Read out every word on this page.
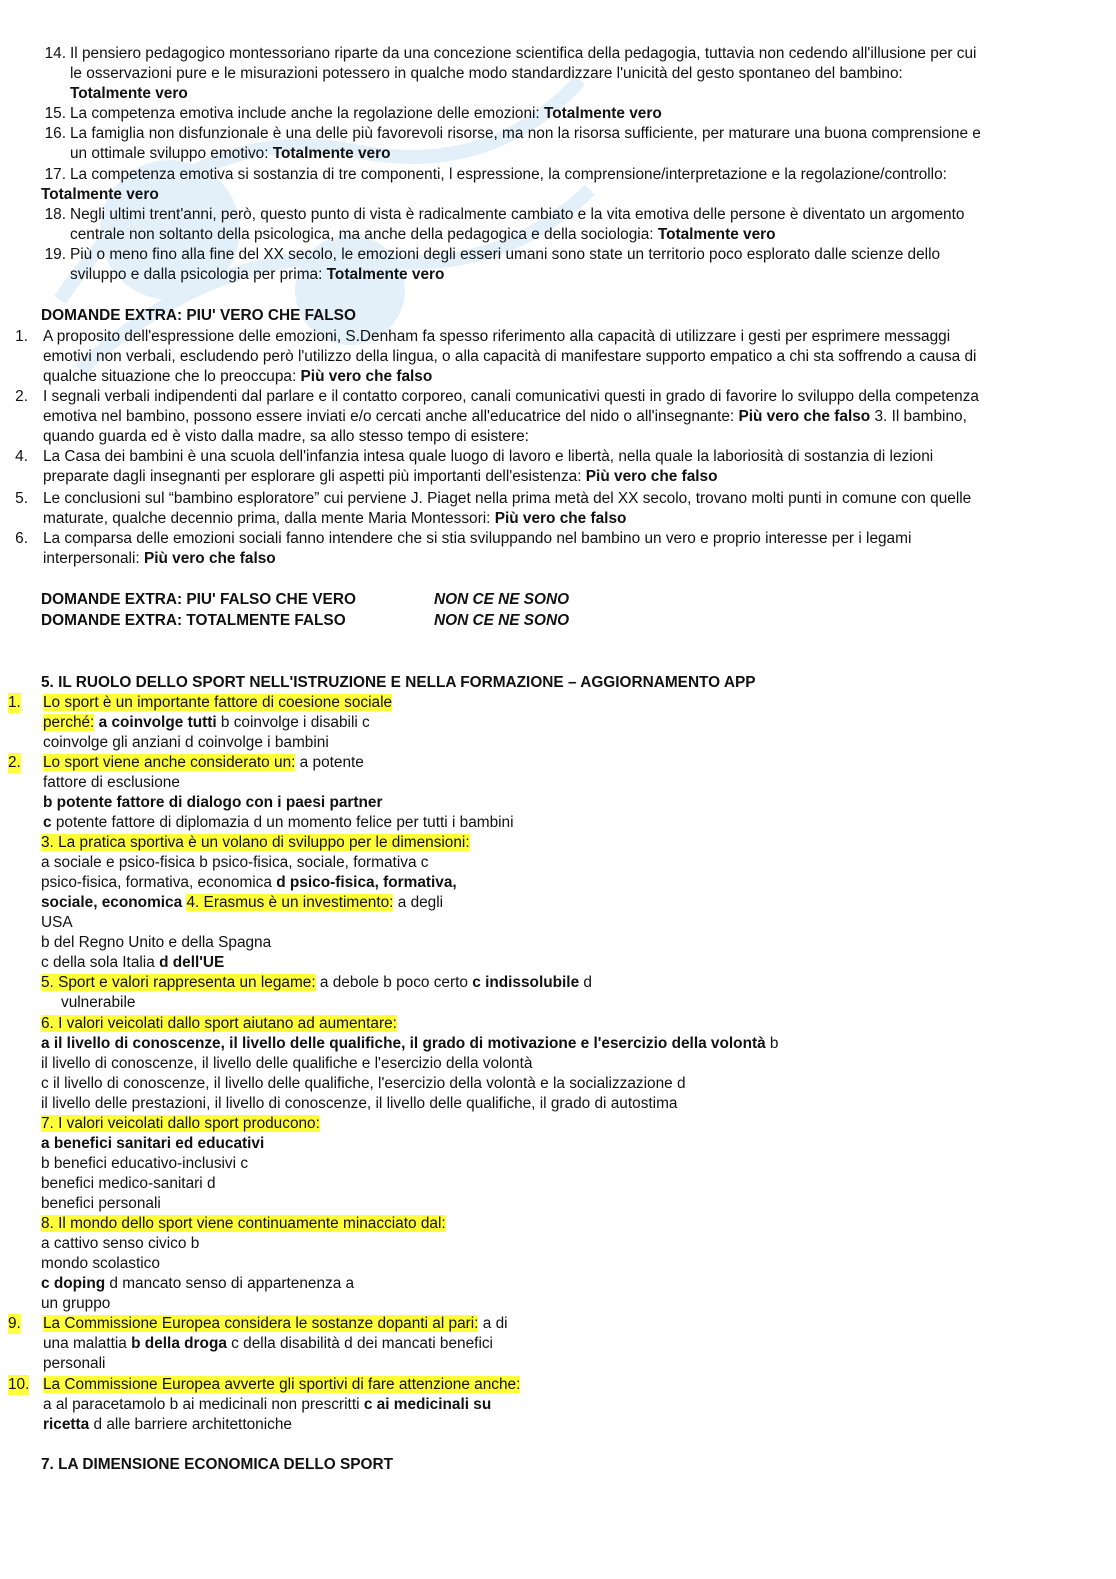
14. Il pensiero pedagogico montessoriano riparte da una concezione scientifica della pedagogia, tuttavia non cedendo all'illusione per cui
le osservazioni pure e le misurazioni potessero in qualche modo standardizzare l'unicità del gesto spontaneo del bambino:
Totalmente vero
15. La competenza emotiva include anche la regolazione delle emozioni: Totalmente vero
16. La famiglia non disfunzionale è una delle più favorevoli risorse, ma non la risorsa sufficiente, per maturare una buona comprensione e
un ottimale sviluppo emotivo: Totalmente vero
17. La competenza emotiva si sostanzia di tre componenti, l espressione, la comprensione/interpretazione e la regolazione/controllo:
Totalmente vero
18. Negli ultimi trent'anni, però, questo punto di vista è radicalmente cambiato e la vita emotiva delle persone è diventato un argomento
centrale non soltanto della psicologica, ma anche della pedagogica e della sociologia: Totalmente vero
19. Più o meno fino alla fine del XX secolo, le emozioni degli esseri umani sono state un territorio poco esplorato dalle scienze dello
sviluppo e dalla psicologia per prima: Totalmente vero
DOMANDE EXTRA: PIU' VERO CHE FALSO
1. A proposito dell'espressione delle emozioni, S.Denham fa spesso riferimento alla capacità di utilizzare i gesti per esprimere messaggi
emotivi non verbali, escludendo però l'utilizzo della lingua, o alla capacità di manifestare supporto empatico a chi sta soffrendo a causa di
qualche situazione che lo preoccupa: Più vero che falso
2. I segnali verbali indipendenti dal parlare e il contatto corporeo, canali comunicativi questi in grado di favorire lo sviluppo della competenza
emotiva nel bambino, possono essere inviati e/o cercati anche all'educatrice del nido o all'insegnante: Più vero che falso 3. Il bambino,
quando guarda ed è visto dalla madre, sa allo stesso tempo di esistere:
4. La Casa dei bambini è una scuola dell'infanzia intesa quale luogo di lavoro e libertà, nella quale la laboriosità di sostanzia di lezioni
preparate dagli insegnanti per esplorare gli aspetti più importanti dell'esistenza: Più vero che falso
5. Le conclusioni sul “bambino esploratore” cui perviene J. Piaget nella prima metà del XX secolo, trovano molti punti in comune con quelle
maturate, qualche decennio prima, dalla mente Maria Montessori: Più vero che falso
6. La comparsa delle emozioni sociali fanno intendere che si stia sviluppando nel bambino un vero e proprio interesse per i legami
interpersonali: Più vero che falso
DOMANDE EXTRA: PIU' FALSO CHE VERO	NON CE NE SONO
DOMANDE EXTRA: TOTALMENTE FALSO	NON CE NE SONO
5. IL RUOLO DELLO SPORT NELL'ISTRUZIONE E NELLA FORMAZIONE – AGGIORNAMENTO APP
1. Lo sport è un importante fattore di coesione sociale
perché: a coinvolge tutti b coinvolge i disabili c
coinvolge gli anziani d coinvolge i bambini
2. Lo sport viene anche considerato un: a potente
fattore di esclusione
b potente fattore di dialogo con i paesi partner
c potente fattore di diplomazia d un momento felice per tutti i bambini
3. La pratica sportiva è un volano di sviluppo per le dimensioni:
a sociale e psico-fisica b psico-fisica, sociale, formativa c
psico-fisica, formativa, economica d psico-fisica, formativa,
sociale, economica 4. Erasmus è un investimento: a degli
USA
b del Regno Unito e della Spagna
c della sola Italia d dell'UE
5. Sport e valori rappresenta un legame: a debole b poco certo c indissolubile d
vulnerabile
6. I valori veicolati dallo sport aiutano ad aumentare:
a il livello di conoscenze, il livello delle qualifiche, il grado di motivazione e l'esercizio della volontà b
il livello di conoscenze, il livello delle qualifiche e l'esercizio della volontà
c il livello di conoscenze, il livello delle qualifiche, l'esercizio della volontà e la socializzazione d
il livello delle prestazioni, il livello di conoscenze, il livello delle qualifiche, il grado di autostima
7. I valori veicolati dallo sport producono:
a benefici sanitari ed educativi
b benefici educativo-inclusivi c
benefici medico-sanitari d
benefici personali
8. Il mondo dello sport viene continuamente minacciato dal:
a cattivo senso civico b
mondo scolastico
c doping d mancato senso di appartenenza a
un gruppo
9. La Commissione Europea considera le sostanze dopanti al pari: a di
una malattia b della droga c della disabilità d dei mancati benefici
personali
10. La Commissione Europea avverte gli sportivi di fare attenzione anche:
a al paracetamolo b ai medicinali non prescritti c ai medicinali su
ricetta d alle barriere architettoniche
7. LA DIMENSIONE ECONOMICA DELLO SPORT
